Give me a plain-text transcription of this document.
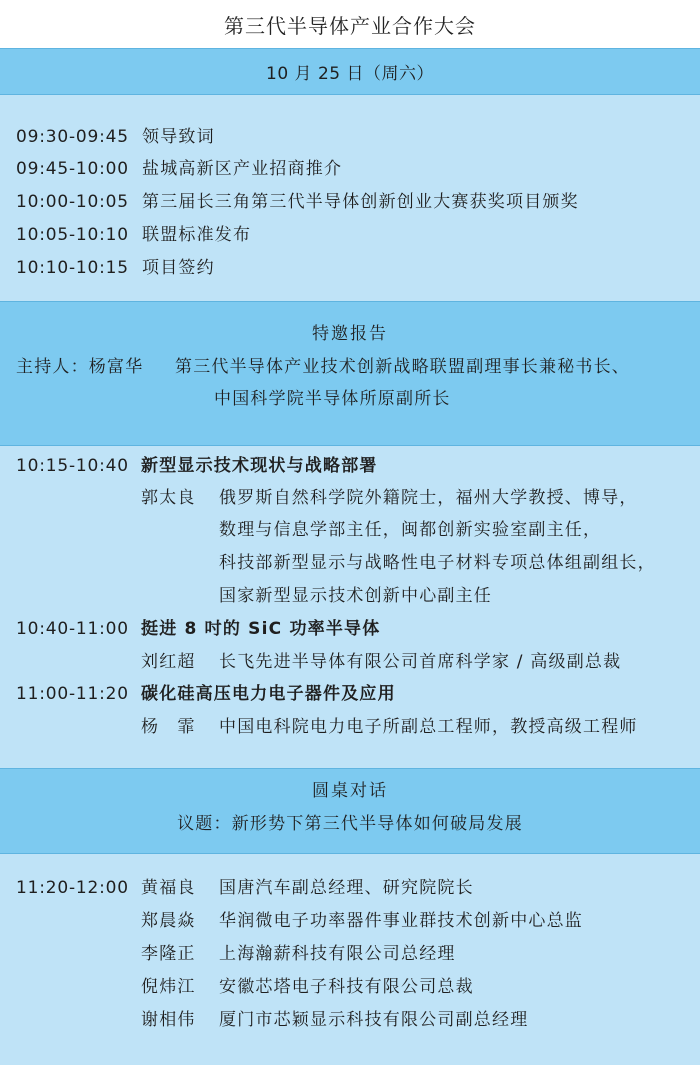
第三代半导体产业合作大会
10 月 25 日（周六）
09:30-09:45 领导致词
09:45-10:00 盐城高新区产业招商推介
10:00-10:05 第三届长三角第三代半导体创新创业大赛获奖项目颁奖
10:05-10:10 联盟标准发布
10:10-10:15 项目签约
特邀报告
主持人：杨富华 第三代半导体产业技术创新战略联盟副理事长兼秘书长、
中国科学院半导体所原副所长
10:15-10:40 新型显示技术现状与战略部署
郭太良 俄罗斯自然科学院外籍院士，福州大学教授、博导，
数理与信息学部主任，闽都创新实验室副主任，
科技部新型显示与战略性电子材料专项总体组副组长，
国家新型显示技术创新中心副主任
10:40-11:00 挺进 8 吋的 SiC 功率半导体
刘红超 长飞先进半导体有限公司首席科学家 / 高级副总裁
11:00-11:20 碳化硅高压电力电子器件及应用
杨　霏 中国电科院电力电子所副总工程师，教授高级工程师
圆桌对话
议题：新形势下第三代半导体如何破局发展
11:20-12:00 黄福良 国唐汽车副总经理、研究院院长
郑晨焱 华润微电子功率器件事业群技术创新中心总监
李隆正 上海瀚薪科技有限公司总经理
倪炜江 安徽芯塔电子科技有限公司总裁
谢相伟 厦门市芯颖显示科技有限公司副总经理
